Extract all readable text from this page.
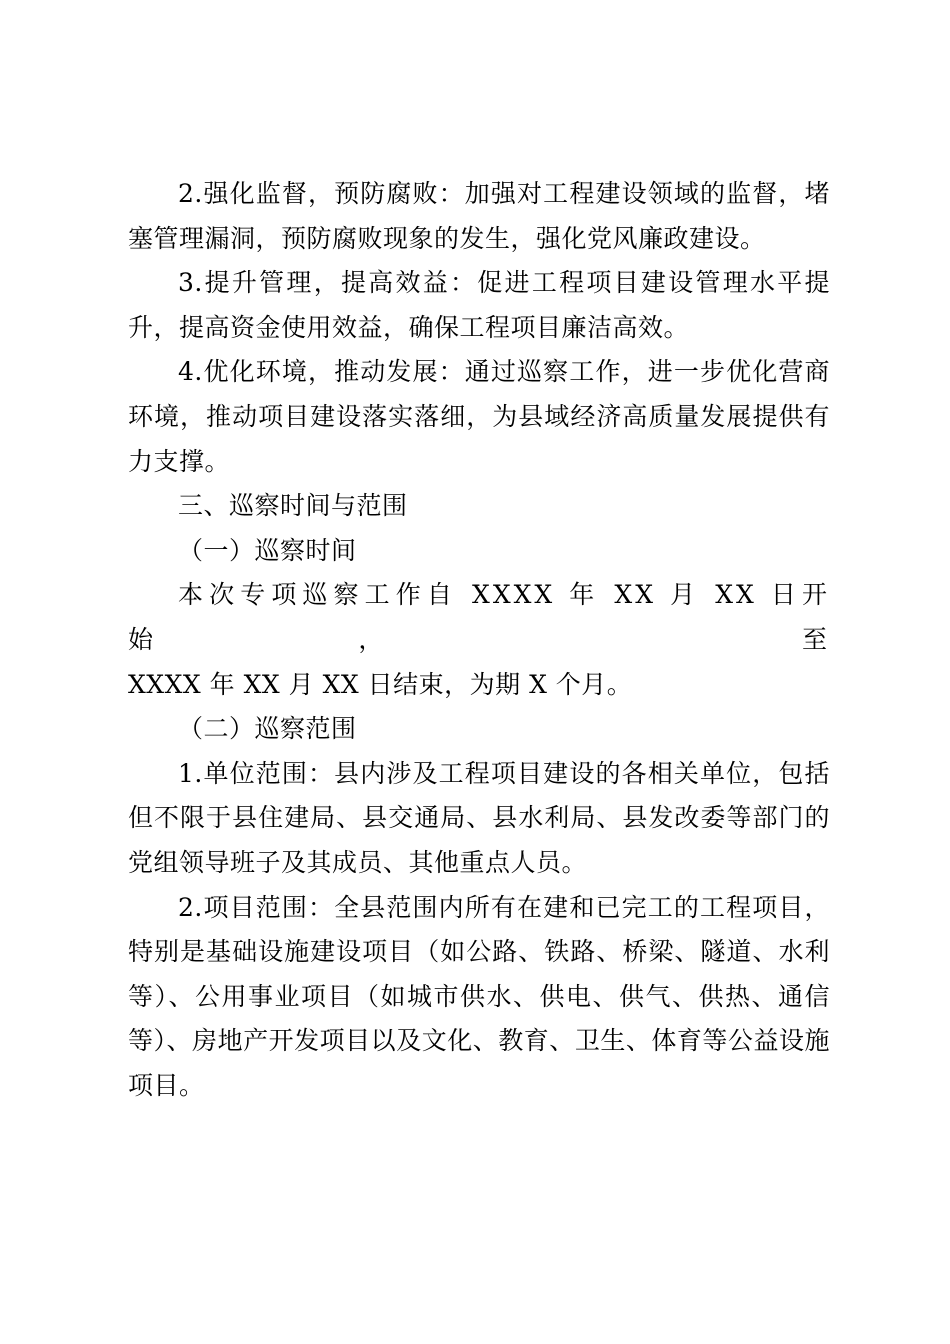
2.强化监督，预防腐败：加强对工程建设领域的监督，堵塞管理漏洞，预防腐败现象的发生，强化党风廉政建设。

3.提升管理，提高效益：促进工程项目建设管理水平提升，提高资金使用效益，确保工程项目廉洁高效。

4.优化环境，推动发展：通过巡察工作，进一步优化营商环境，推动项目建设落实落细，为县域经济高质量发展提供有力支撑。

三、巡察时间与范围

（一）巡察时间

本次专项巡察工作自 XXXX 年 XX 月 XX 日开始， 至

XXXX 年 XX 月 XX 日结束，为期 X 个月。

（二）巡察范围

1.单位范围：县内涉及工程项目建设的各相关单位，包括但不限于县住建局、县交通局、县水利局、县发改委等部门的党组领导班子及其成员、其他重点人员。

2.项目范围：全县范围内所有在建和已完工的工程项目，特别是基础设施建设项目（如公路、铁路、桥梁、隧道、水利等）、公用事业项目（如城市供水、供电、供气、供热、通信等）、房地产开发项目以及文化、教育、卫生、体育等公益设施项目。
